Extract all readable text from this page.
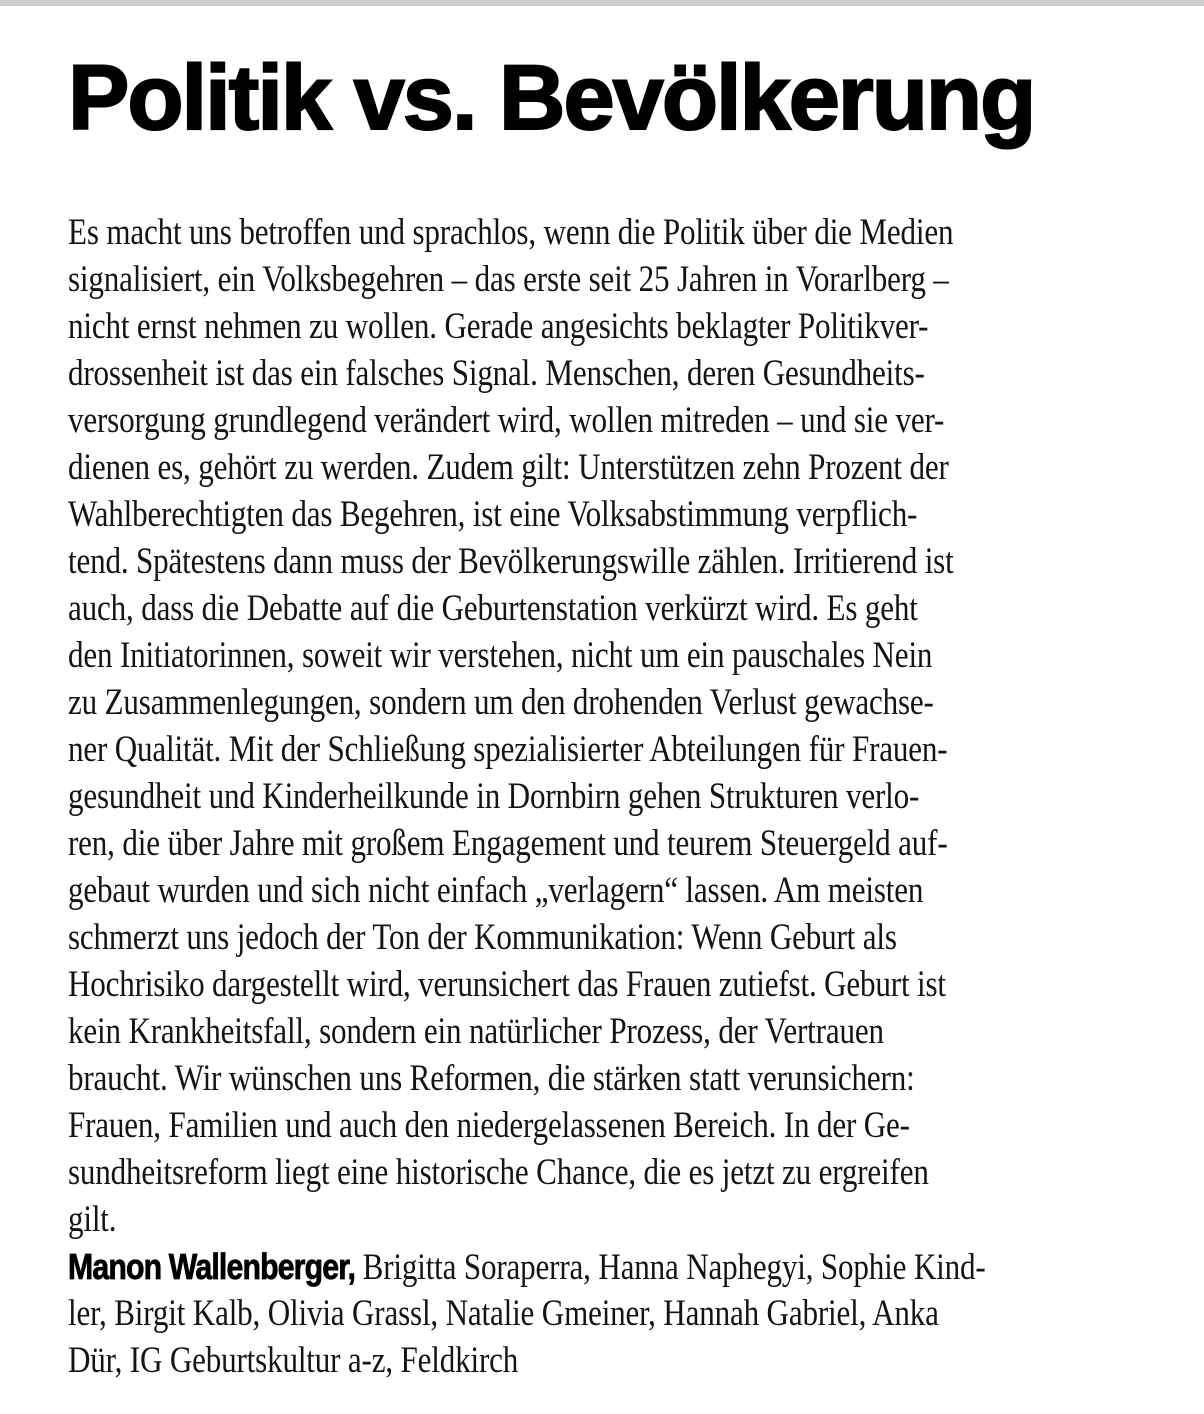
Politik vs. Bevölkerung
Es macht uns betroffen und sprachlos, wenn die Politik über die Medien
signalisiert, ein Volksbegehren – das erste seit 25 Jahren in Vorarlberg –
nicht ernst nehmen zu wollen. Gerade angesichts beklagter Politikver-
drossenheit ist das ein falsches Signal. Menschen, deren Gesundheits-
versorgung grundlegend verändert wird, wollen mitreden – und sie ver-
dienen es, gehört zu werden. Zudem gilt: Unterstützen zehn Prozent der
Wahlberechtigten das Begehren, ist eine Volksabstimmung verpflich-
tend. Spätestens dann muss der Bevölkerungswille zählen. Irritierend ist
auch, dass die Debatte auf die Geburtenstation verkürzt wird. Es geht
den Initiatorinnen, soweit wir verstehen, nicht um ein pauschales Nein
zu Zusammenlegungen, sondern um den drohenden Verlust gewachse-
ner Qualität. Mit der Schließung spezialisierter Abteilungen für Frauen-
gesundheit und Kinderheilkunde in Dornbirn gehen Strukturen verlo-
ren, die über Jahre mit großem Engagement und teurem Steuergeld auf-
gebaut wurden und sich nicht einfach „verlagern“ lassen. Am meisten
schmerzt uns jedoch der Ton der Kommunikation: Wenn Geburt als
Hochrisiko dargestellt wird, verunsichert das Frauen zutiefst. Geburt ist
kein Krankheitsfall, sondern ein natürlicher Prozess, der Vertrauen
braucht. Wir wünschen uns Reformen, die stärken statt verunsichern:
Frauen, Familien und auch den niedergelassenen Bereich. In der Ge-
sundheitsreform liegt eine historische Chance, die es jetzt zu ergreifen
gilt.
Manon Wallenberger, Brigitta Soraperra, Hanna Naphegyi, Sophie Kind-
ler, Birgit Kalb, Olivia Grassl, Natalie Gmeiner, Hannah Gabriel, Anka
Dür, IG Geburtskultur a-z, Feldkirch
